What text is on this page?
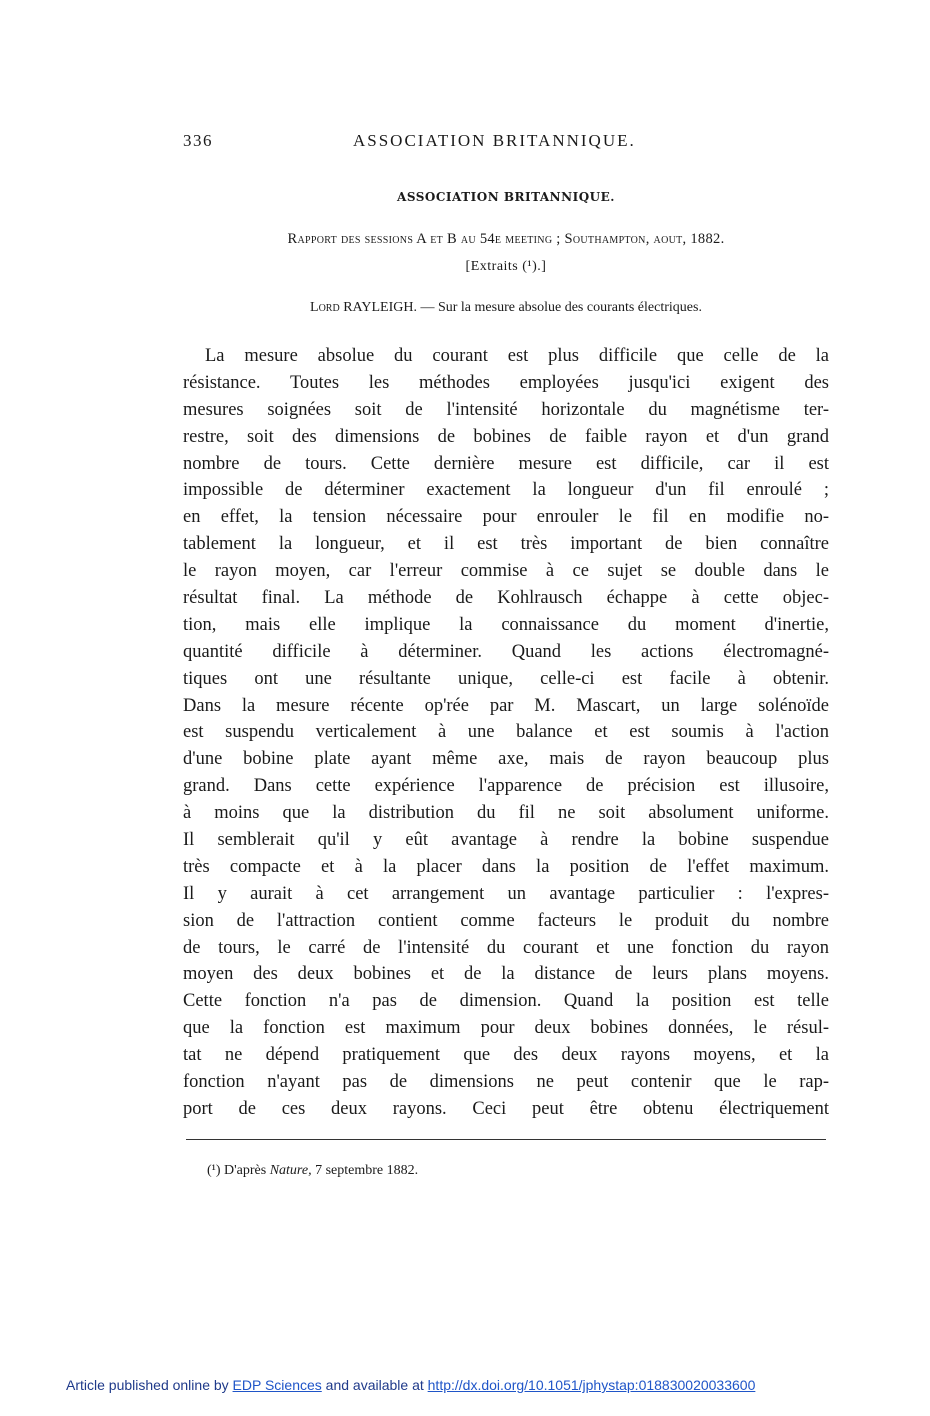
336	ASSOCIATION BRITANNIQUE.
ASSOCIATION BRITANNIQUE.
Rapport des sessions A et B au 54e meeting ; Southampton, aout, 1882.
[Extraits (¹).]
Lord RAYLEIGH. — Sur la mesure absolue des courants électriques.
La mesure absolue du courant est plus difficile que celle de la
résistance. Toutes les méthodes employées jusqu'ici exigent des
mesures soignées soit de l'intensité horizontale du magnétisme ter-
restre, soit des dimensions de bobines de faible rayon et d'un grand
nombre de tours. Cette dernière mesure est difficile, car il est
impossible de déterminer exactement la longueur d'un fil enroulé ;
en effet, la tension nécessaire pour enrouler le fil en modifie no-
tablement la longueur, et il est très important de bien connaître
le rayon moyen, car l'erreur commise à ce sujet se double dans le
résultat final. La méthode de Kohlrausch échappe à cette objec-
tion, mais elle implique la connaissance du moment d'inertie,
quantité difficile à déterminer. Quand les actions électromagné-
tiques ont une résultante unique, celle-ci est facile à obtenir.
Dans la mesure récente op'rée par M. Mascart, un large solénoïde
est suspendu verticalement à une balance et est soumis à l'action
d'une bobine plate ayant même axe, mais de rayon beaucoup plus
grand. Dans cette expérience l'apparence de précision est illusoire,
à moins que la distribution du fil ne soit absolument uniforme.
Il semblerait qu'il y eût avantage à rendre la bobine suspendue
très compacte et à la placer dans la position de l'effet maximum.
Il y aurait à cet arrangement un avantage particulier : l'expres-
sion de l'attraction contient comme facteurs le produit du nombre
de tours, le carré de l'intensité du courant et une fonction du rayon
moyen des deux bobines et de la distance de leurs plans moyens.
Cette fonction n'a pas de dimension. Quand la position est telle
que la fonction est maximum pour deux bobines données, le résul-
tat ne dépend pratiquement que des deux rayons moyens, et la
fonction n'ayant pas de dimensions ne peut contenir que le rap-
port de ces deux rayons. Ceci peut être obtenu électriquement
(¹) D'après Nature, 7 septembre 1882.
Article published online by EDP Sciences and available at http://dx.doi.org/10.1051/jphystap:018830020033600
